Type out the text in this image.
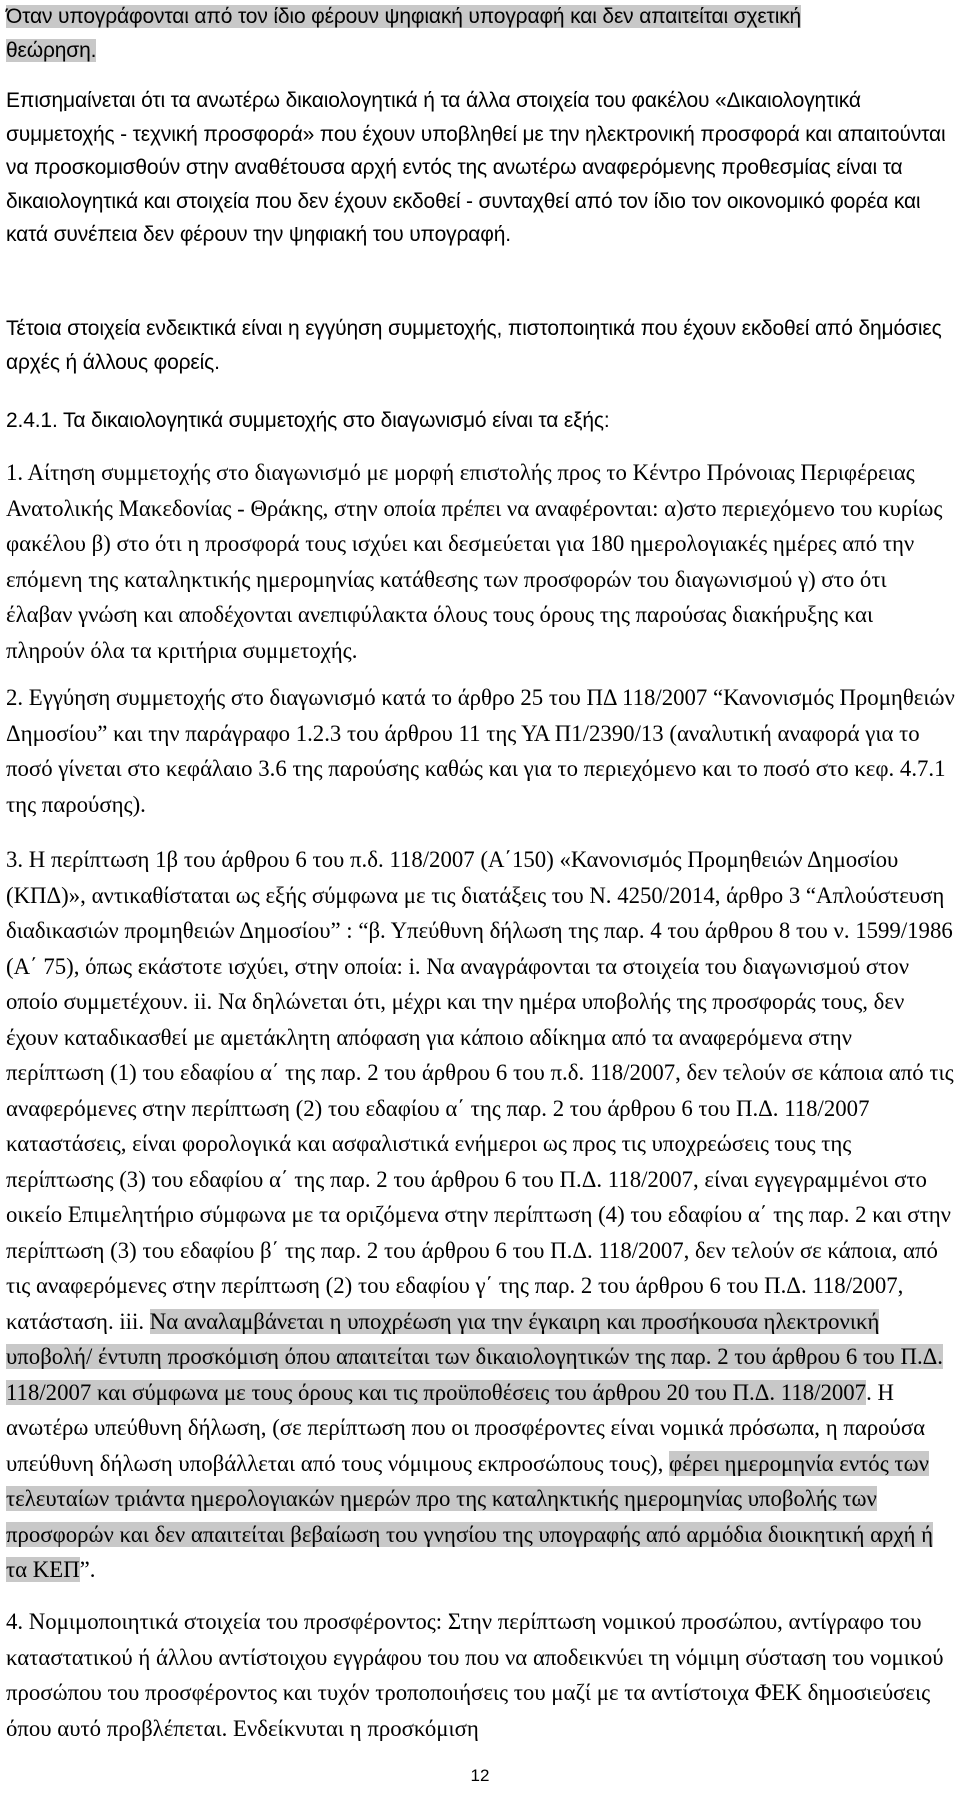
Όταν υπογράφονται από τον ίδιο φέρουν ψηφιακή υπογραφή και δεν απαιτείται σχετική
θεώρηση.

Επισημαίνεται ότι τα ανωτέρω δικαιολογητικά ή τα άλλα στοιχεία του φακέλου «Δικαιολογητικά συμμετοχής - τεχνική προσφορά» που έχουν υποβληθεί με την ηλεκτρονική προσφορά και απαιτούνται να προσκομισθούν στην αναθέτουσα αρχή εντός της ανωτέρω αναφερόμενης προθεσμίας είναι τα δικαιολογητικά και στοιχεία που δεν έχουν εκδοθεί - συνταχθεί από τον ίδιο τον οικονομικό φορέα και κατά συνέπεια δεν φέρουν την ψηφιακή του υπογραφή.

Τέτοια στοιχεία ενδεικτικά είναι η εγγύηση συμμετοχής, πιστοποιητικά που έχουν εκδοθεί από δημόσιες αρχές ή άλλους φορείς.

2.4.1. Τα δικαιολογητικά συμμετοχής στο διαγωνισμό είναι τα εξής:

1. Αίτηση συμμετοχής στο διαγωνισμό με μορφή επιστολής προς το Κέντρο Πρόνοιας Περιφέρειας Ανατολικής Μακεδονίας - Θράκης, στην οποία πρέπει να αναφέρονται: α)στο περιεχόμενο του κυρίως φακέλου β) στο ότι η προσφορά τους ισχύει και δεσμεύεται για 180 ημερολογιακές ημέρες από την επόμενη της καταληκτικής ημερομηνίας κατάθεσης των προσφορών του διαγωνισμού γ) στο ότι έλαβαν γνώση και αποδέχονται ανεπιφύλακτα όλους τους όρους της παρούσας διακήρυξης και πληρούν όλα τα κριτήρια συμμετοχής.

2. Εγγύηση συμμετοχής στο διαγωνισμό κατά το άρθρο 25 του ΠΔ 118/2007 “Κανονισμός Προμηθειών Δημοσίου” και την παράγραφο 1.2.3 του άρθρου 11 της ΥΑ Π1/2390/13 (αναλυτική αναφορά για το ποσό γίνεται στο κεφάλαιο 3.6 της παρούσης καθώς και για το περιεχόμενο και το ποσό στο κεφ. 4.7.1 της παρούσης).

3. Η περίπτωση 1β του άρθρου 6 του π.δ. 118/2007 (Α΄150) «Κανονισμός Προμηθειών Δημοσίου (ΚΠΔ)», αντικαθίσταται ως εξής σύμφωνα με τις διατάξεις του Ν. 4250/2014, άρθρο 3 “Απλούστευση διαδικασιών προμηθειών Δημοσίου” : “β. Υπεύθυνη δήλωση της παρ. 4 του άρθρου 8 του ν. 1599/1986 (Α΄ 75), όπως εκάστοτε ισχύει, στην οποία: i. Να αναγράφονται τα στοιχεία του διαγωνισμού στον οποίο συμμετέχουν. ii. Να δηλώνεται ότι, μέχρι και την ημέρα υποβολής της προσφοράς τους, δεν έχουν καταδικασθεί με αμετάκλητη απόφαση για κάποιο αδίκημα από τα αναφερόμενα στην περίπτωση (1) του εδαφίου α΄ της παρ. 2 του άρθρου 6 του π.δ. 118/2007, δεν τελούν σε κάποια από τις αναφερόμενες στην περίπτωση (2) του εδαφίου α΄ της παρ. 2 του άρθρου 6 του Π.Δ. 118/2007 καταστάσεις, είναι φορολογικά και ασφαλιστικά ενήμεροι ως προς τις υποχρεώσεις τους της περίπτωσης (3) του εδαφίου α΄ της παρ. 2 του άρθρου 6 του Π.Δ. 118/2007, είναι εγγεγραμμένοι στο οικείο Επιμελητήριο σύμφωνα με τα οριζόμενα στην περίπτωση (4) του εδαφίου α΄ της παρ. 2 και στην περίπτωση (3) του εδαφίου β΄ της παρ. 2 του άρθρου 6 του Π.Δ. 118/2007, δεν τελούν σε κάποια, από τις αναφερόμενες στην περίπτωση (2) του εδαφίου γ΄ της παρ. 2 του άρθρου 6 του Π.Δ. 118/2007, κατάσταση. iii. Να αναλαμβάνεται η υποχρέωση για την έγκαιρη και προσήκουσα ηλεκτρονική υποβολή/ έντυπη προσκόμιση όπου απαιτείται των δικαιολογητικών της παρ. 2 του άρθρου 6 του Π.Δ. 118/2007 και σύμφωνα με τους όρους και τις προϋποθέσεις του άρθρου 20 του Π.Δ. 118/2007. Η ανωτέρω υπεύθυνη δήλωση, (σε περίπτωση που οι προσφέροντες είναι νομικά πρόσωπα, η παρούσα υπεύθυνη δήλωση υποβάλλεται από τους νόμιμους εκπροσώπους τους), φέρει ημερομηνία εντός των τελευταίων τριάντα ημερολογιακών ημερών προ της καταληκτικής ημερομηνίας υποβολής των προσφορών και δεν απαιτείται βεβαίωση του γνησίου της υπογραφής από αρμόδια διοικητική αρχή ή τα ΚΕΠ”.

4. Νομιμοποιητικά στοιχεία του προσφέροντος: Στην περίπτωση νομικού προσώπου, αντίγραφο του καταστατικού ή άλλου αντίστοιχου εγγράφου του που να αποδεικνύει τη νόμιμη σύσταση του νομικού προσώπου του προσφέροντος και τυχόν τροποποιήσεις του μαζί με τα αντίστοιχα ΦΕΚ δημοσιεύσεις όπου αυτό προβλέπεται. Ενδείκνυται η προσκόμιση

12
